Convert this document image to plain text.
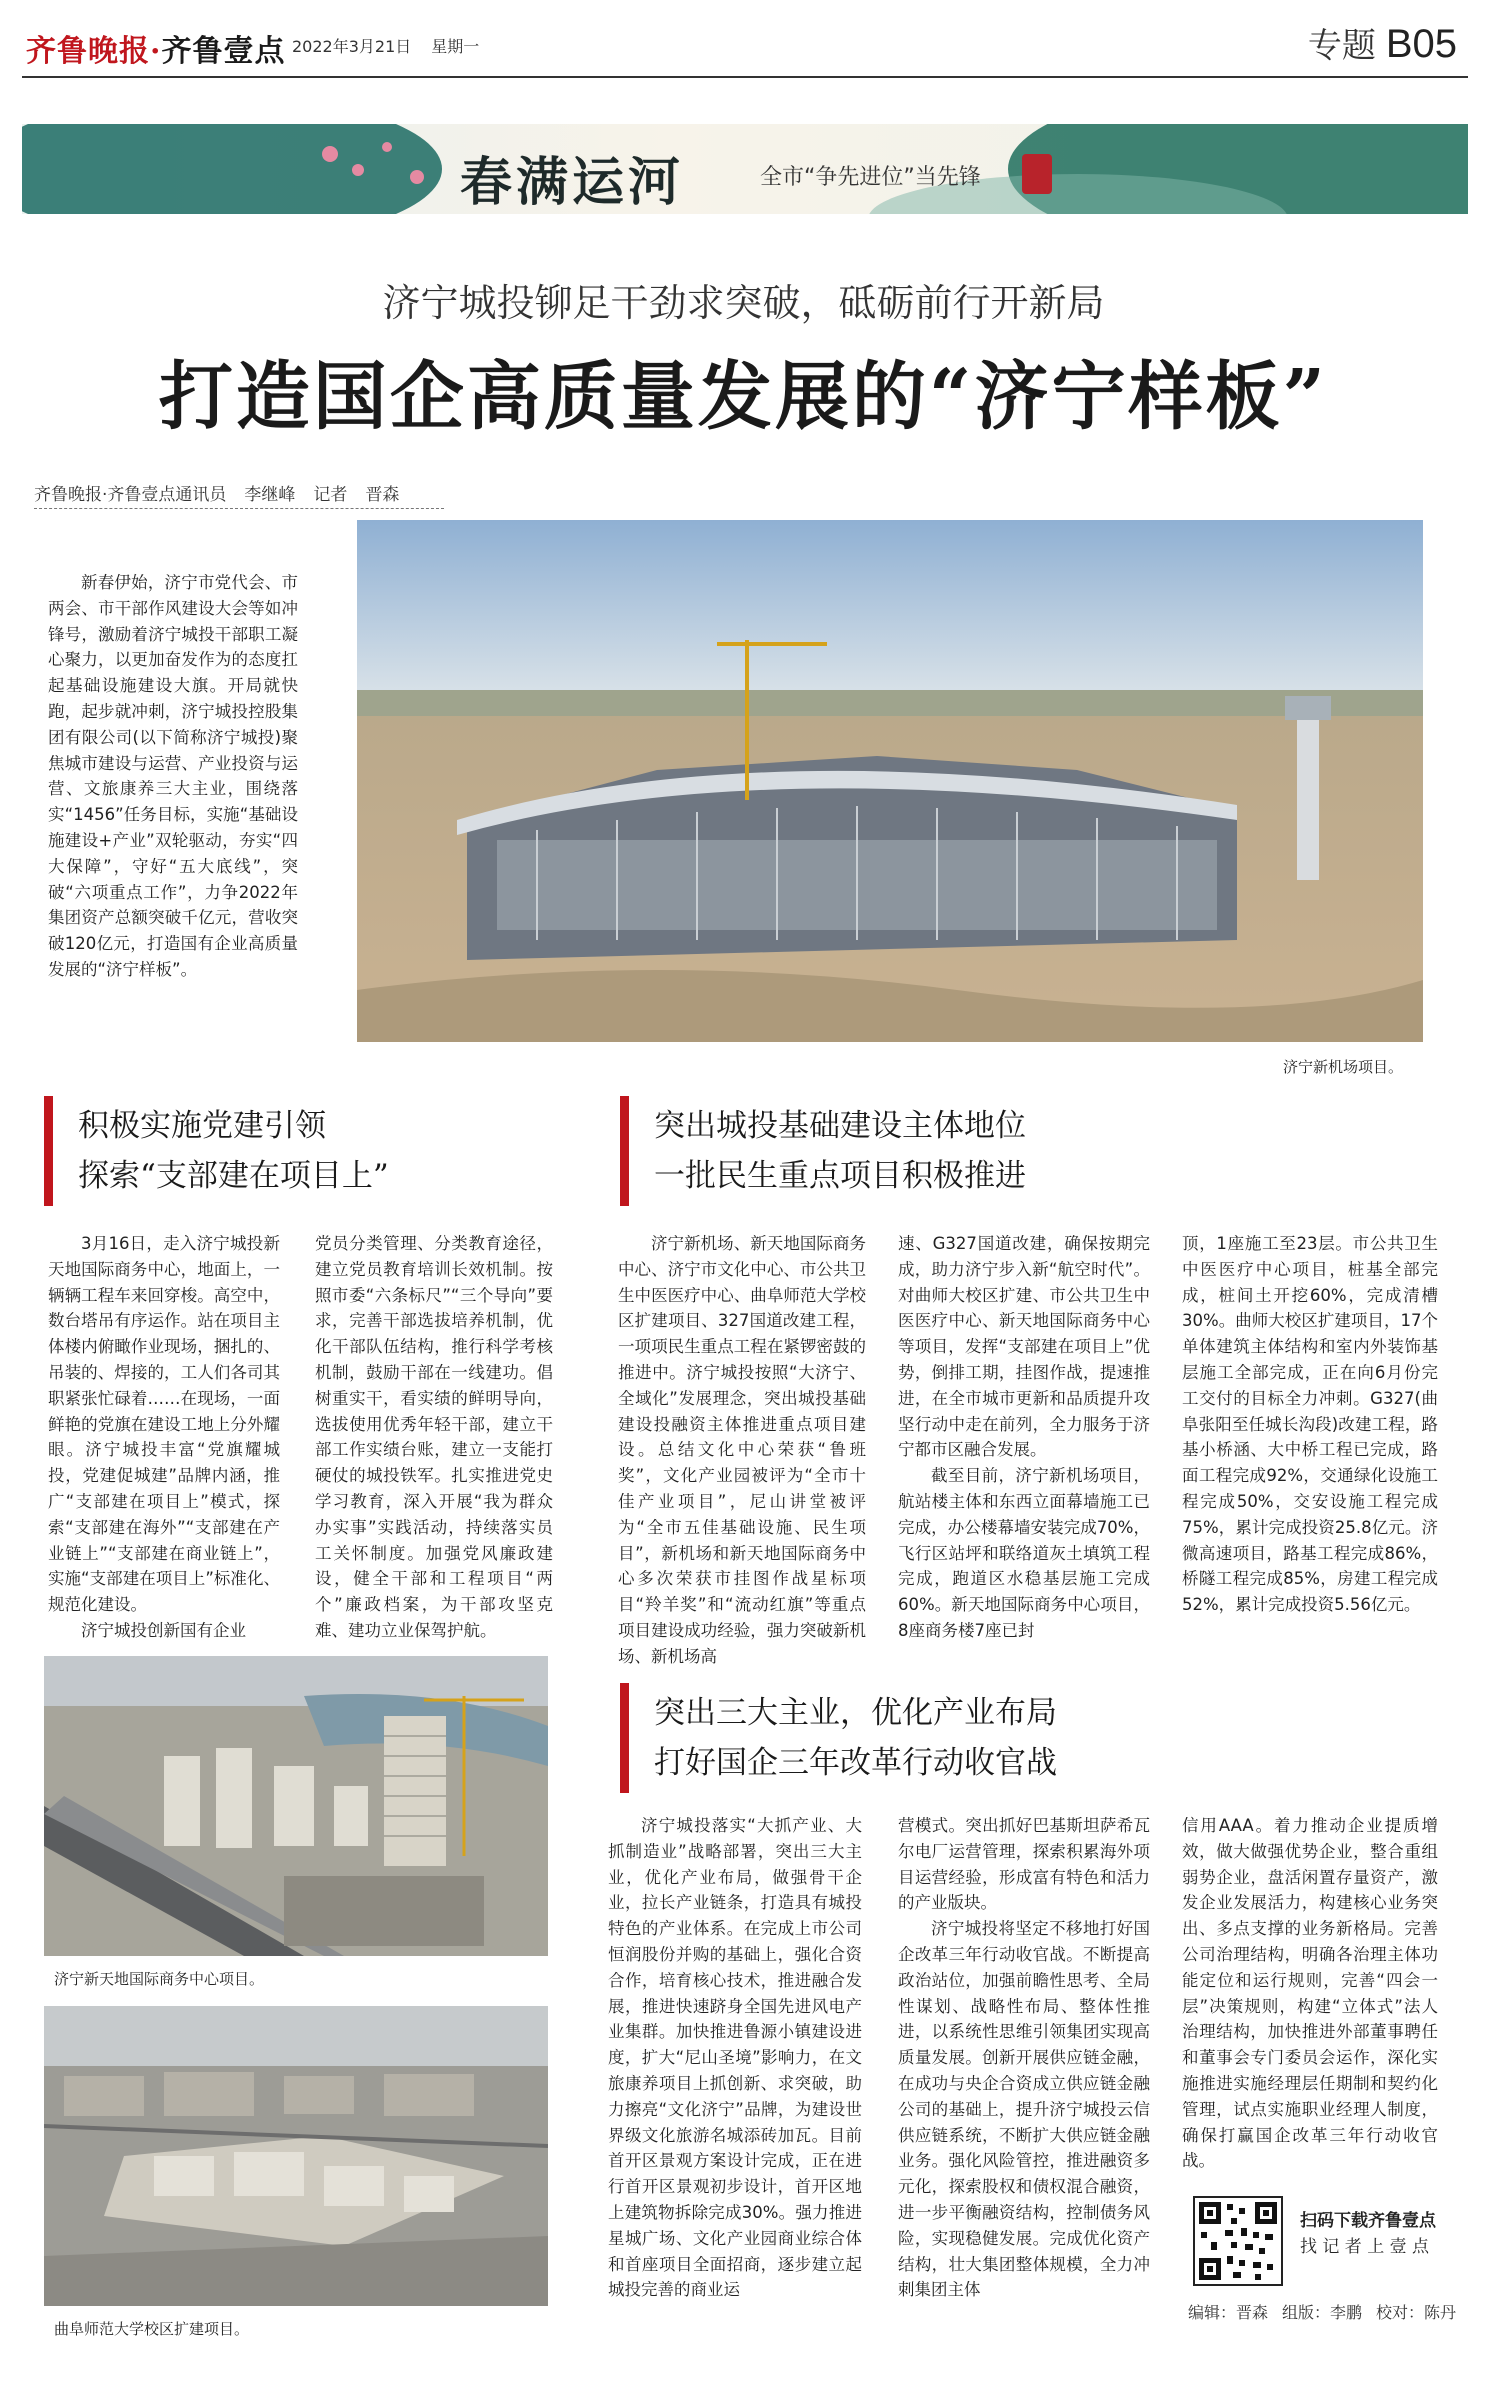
齐鲁晚报·齐鲁壹点 2022年3月21日 星期一	专题 B05
春满运河	全市“争先进位”当先锋
济宁城投铆足干劲求突破，砥砺前行开新局
打造国企高质量发展的“济宁样板”
齐鲁晚报·齐鲁壹点通讯员 李继峰 记者 晋森
新春伊始，济宁市党代会、市两会、市干部作风建设大会等如冲锋号，激励着济宁城投干部职工凝心聚力，以更加奋发作为的态度扛起基础设施建设大旗。开局就快跑，起步就冲刺，济宁城投控股集团有限公司(以下简称济宁城投)聚焦城市建设与运营、产业投资与运营、文旅康养三大主业，围绕落实“1456”任务目标，实施“基础设施建设+产业”双轮驱动，夯实“四大保障”，守好“五大底线”，突破“六项重点工作”，力争2022年集团资产总额突破千亿元，营收突破120亿元，打造国有企业高质量发展的“济宁样板”。
济宁新机场项目。
积极实施党建引领
探索“支部建在项目上”

3月16日，走入济宁城投新天地国际商务中心，地面上，一辆辆工程车来回穿梭。高空中，数台塔吊有序运作。站在项目主体楼内俯瞰作业现场，捆扎的、吊装的、焊接的，工人们各司其职紧张忙碌着……在现场，一面鲜艳的党旗在建设工地上分外耀眼。济宁城投丰富“党旗耀城投，党建促城建”品牌内涵，推广“支部建在项目上”模式，探索“支部建在海外”“支部建在产业链上”“支部建在商业链上”，实施“支部建在项目上”标准化、规范化建设。

济宁城投创新国有企业

党员分类管理、分类教育途径，建立党员教育培训长效机制。按照市委“六条标尺”“三个导向”要求，完善干部选拔培养机制，优化干部队伍结构，推行科学考核机制，鼓励干部在一线建功。倡树重实干，看实绩的鲜明导向，选拔使用优秀年轻干部，建立干部工作实绩台账，建立一支能打硬仗的城投铁军。扎实推进党史学习教育，深入开展“我为群众办实事”实践活动，持续落实员工关怀制度。加强党风廉政建设，健全干部和工程项目“两个”廉政档案，为干部攻坚克难、建功立业保驾护航。

突出城投基础建设主体地位
一批民生重点项目积极推进

济宁新机场、新天地国际商务中心、济宁市文化中心、市公共卫生中医医疗中心、曲阜师范大学校区扩建项目、327国道改建工程，一项项民生重点工程在紧锣密鼓的推进中。济宁城投按照“大济宁、全域化”发展理念，突出城投基础建设投融资主体推进重点项目建设。总结文化中心荣获“鲁班奖”，文化产业园被评为“全市十佳产业项目”，尼山讲堂被评为“全市五佳基础设施、民生项目”，新机场和新天地国际商务中心多次荣获市挂图作战星标项目“羚羊奖”和“流动红旗”等重点项目建设成功经验，强力突破新机场、新机场高

速、G327国道改建，确保按期完成，助力济宁步入新“航空时代”。对曲师大校区扩建、市公共卫生中医医疗中心、新天地国际商务中心等项目，发挥“支部建在项目上”优势，倒排工期，挂图作战，提速推进，在全市城市更新和品质提升攻坚行动中走在前列，全力服务于济宁都市区融合发展。

截至目前，济宁新机场项目，航站楼主体和东西立面幕墙施工已完成，办公楼幕墙安装完成70%，飞行区站坪和联络道灰土填筑工程完成，跑道区水稳基层施工完成60%。新天地国际商务中心项目，8座商务楼7座已封

顶，1座施工至23层。市公共卫生中医医疗中心项目，桩基全部完成，桩间土开挖60%，完成清槽30%。曲师大校区扩建项目，17个单体建筑主体结构和室内外装饰基层施工全部完成，正在向6月份完工交付的目标全力冲刺。G327(曲阜张阳至任城长沟段)改建工程，路基小桥涵、大中桥工程已完成，路面工程完成92%，交通绿化设施工程完成50%，交安设施工程完成75%，累计完成投资25.8亿元。济微高速项目，路基工程完成86%，桥隧工程完成85%，房建工程完成52%，累计完成投资5.56亿元。

济宁新天地国际商务中心项目。
曲阜师范大学校区扩建项目。
突出三大主业，优化产业布局
打好国企三年改革行动收官战

济宁城投落实“大抓产业、大抓制造业”战略部署，突出三大主业，优化产业布局，做强骨干企业，拉长产业链条，打造具有城投特色的产业体系。在完成上市公司恒润股份并购的基础上，强化合资合作，培育核心技术，推进融合发展，推进快速跻身全国先进风电产业集群。加快推进鲁源小镇建设进度，扩大“尼山圣境”影响力，在文旅康养项目上抓创新、求突破，助力擦亮“文化济宁”品牌，为建设世界级文化旅游名城添砖加瓦。目前首开区景观方案设计完成，正在进行首开区景观初步设计，首开区地上建筑物拆除完成30%。强力推进星城广场、文化产业园商业综合体和首座项目全面招商，逐步建立起城投完善的商业运

营模式。突出抓好巴基斯坦萨希瓦尔电厂运营管理，探索积累海外项目运营经验，形成富有特色和活力的产业版块。

济宁城投将坚定不移地打好国企改革三年行动收官战。不断提高政治站位，加强前瞻性思考、全局性谋划、战略性布局、整体性推进，以系统性思维引领集团实现高质量发展。创新开展供应链金融，在成功与央企合资成立供应链金融公司的基础上，提升济宁城投云信供应链系统，不断扩大供应链金融业务。强化风险管控，推进融资多元化，探索股权和债权混合融资，进一步平衡融资结构，控制债务风险，实现稳健发展。完成优化资产结构，壮大集团整体规模，全力冲刺集团主体

信用AAA。着力推动企业提质增效，做大做强优势企业，整合重组弱势企业，盘活闲置存量资产，激发企业发展活力，构建核心业务突出、多点支撑的业务新格局。完善公司治理结构，明确各治理主体功能定位和运行规则，完善“四会一层”决策规则，构建“立体式”法人治理结构，加快推进外部董事聘任和董事会专门委员会运作，深化实施推进实施经理层任期制和契约化管理，试点实施职业经理人制度，确保打赢国企改革三年行动收官战。

扫码下载齐鲁壹点
找 记 者 上 壹 点
编辑：晋森 组版：李鹏 校对：陈丹
